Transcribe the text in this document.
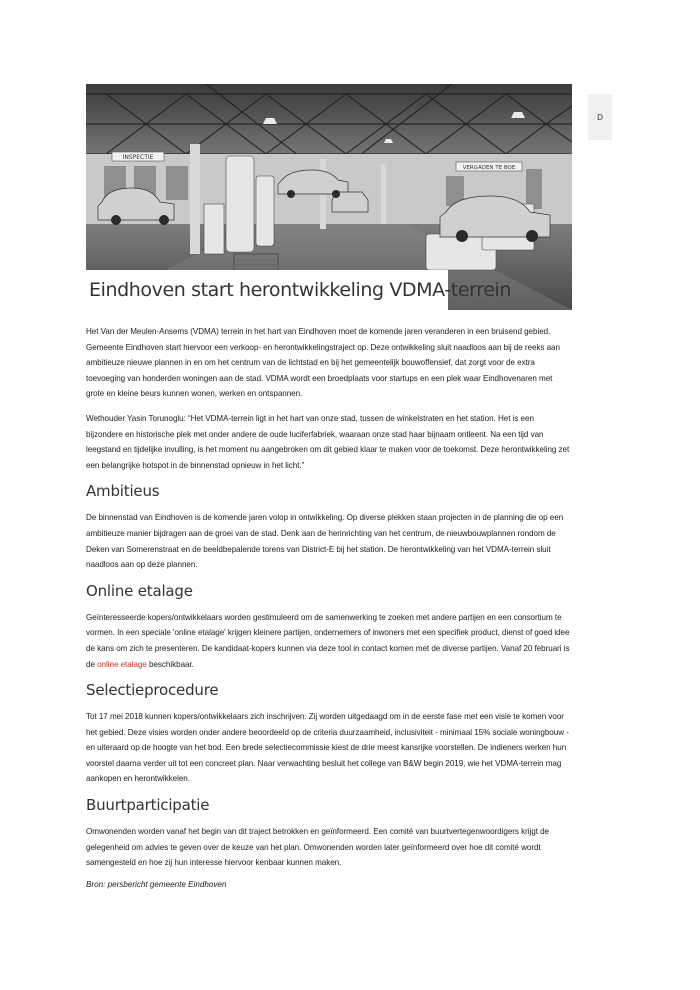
INSPECTIE
VERGADEN TE BOE
Eindhoven start herontwikkeling VDMA-terrein

Het Van der Meulen-Ansems (VDMA) terrein in het hart van Eindhoven moet de komende jaren veranderen in een bruisend gebied. Gemeente Eindhoven start hiervoor een verkoop- en herontwikkelingstraject op. Deze ontwikkeling sluit naadloos aan bij de reeks aan ambitieuze nieuwe plannen in en om het centrum van de lichtstad en bij het gemeentelijk bouwoffensief, dat zorgt voor de extra toevoeging van honderden woningen aan de stad. VDMA wordt een broedplaats voor startups en een plek waar Eindhovenaren met grote en kleine beurs kunnen wonen, werken en ontspannen.

Wethouder Yasin Torunoglu: “Het VDMA-terrein ligt in het hart van onze stad, tussen de winkelstraten en het station. Het is een bijzondere en historische plek met onder andere de oude luciferfabriek, waaraan onze stad haar bijnaam ontleent. Na een tijd van leegstand en tijdelijke invulling, is het moment nu aangebroken om dit gebied klaar te maken voor de toekomst. Deze herontwikkeling zet een belangrijke hotspot in de binnenstad opnieuw in het licht.”

Ambitieus

De binnenstad van Eindhoven is de komende jaren volop in ontwikkeling. Op diverse plekken staan projecten in de planning die op een ambitieuze manier bijdragen aan de groei van de stad. Denk aan de herinrichting van het centrum, de nieuwbouwplannen rondom de Deken van Somerenstraat en de beeldbepalende torens van District-E bij het station. De herontwikkeling van het VDMA-terrein sluit naadloos aan op deze plannen.

Online etalage

Geïnteresseerde kopers/ontwikkelaars worden gestimuleerd om de samenwerking te zoeken met andere partijen en een consortium te vormen. In een speciale 'online etalage' krijgen kleinere partijen, ondernemers of inwoners met een specifiek product, dienst of goed idee de kans om zich te presenteren. De kandidaat-kopers kunnen via deze tool in contact komen met de diverse partijen. Vanaf 20 februari is de online etalage beschikbaar.

Selectieprocedure

Tot 17 mei 2018 kunnen kopers/ontwikkelaars zich inschrijven. Zij worden uitgedaagd om in de eerste fase met een visie te komen voor het gebied. Deze visies worden onder andere beoordeeld op de criteria duurzaamheid, inclusiviteit - minimaal 15% sociale woningbouw - en uiteraard op de hoogte van het bod. Een brede selectiecommissie kiest de drie meest kansrijke voorstellen. De indieners werken hun voorstel daarna verder uit tot een concreet plan. Naar verwachting besluit het college van B&W begin 2019, wie het VDMA-terrein mag aankopen en herontwikkelen.

Buurtparticipatie

Omwonenden worden vanaf het begin van dit traject betrokken en geïnformeerd. Een comité van buurtvertegenwoordigers krijgt de gelegenheid om advies te geven over de keuze van het plan. Omwonenden worden later geïnformeerd over hoe dit comité wordt samengesteld en hoe zij hun interesse hiervoor kenbaar kunnen maken.

Bron: persbericht gemeente Eindhoven

D
